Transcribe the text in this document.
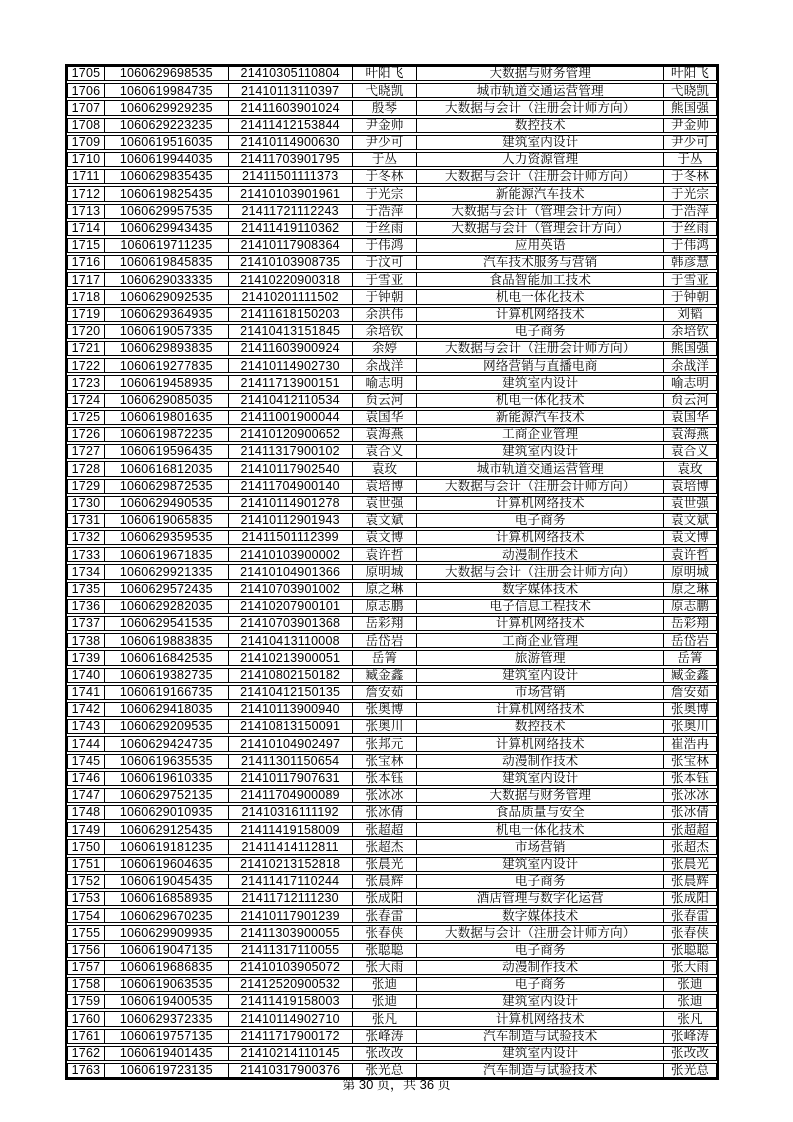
1705	1060629698535	21410305110804	叶阳飞	大数据与财务管理	叶阳飞
1706	1060619984735	21410113110397	弋晓凯	城市轨道交通运营管理	弋晓凯
1707	1060629929235	21411603901024	殷琴	大数据与会计（注册会计师方向）	熊国强
1708	1060629223235	21411412153844	尹金帅	数控技术	尹金帅
1709	1060619516035	21410114900630	尹少可	建筑室内设计	尹少可
1710	1060619944035	21411703901795	于丛	人力资源管理	于丛
1711	1060629835435	21411501111373	于冬林	大数据与会计（注册会计师方向）	于冬林
1712	1060619825435	21410103901961	于光宗	新能源汽车技术	于光宗
1713	1060629957535	21411721112243	于浩萍	大数据与会计（管理会计方向）	于浩萍
1714	1060629943435	21411419110362	于丝雨	大数据与会计（管理会计方向）	于丝雨
1715	1060619711235	21410117908364	于伟鸿	应用英语	于伟鸿
1716	1060619845835	21410103908735	于汶可	汽车技术服务与营销	韩彦慧
1717	1060629033335	21410220900318	于雪亚	食品智能加工技术	于雪亚
1718	1060629092535	21410201111502	于钟朝	机电一体化技术	于钟朝
1719	1060629364935	21411618150203	余洪伟	计算机网络技术	刘韬
1720	1060619057335	21410413151845	余培钦	电子商务	余培钦
1721	1060629893835	21411603900924	余婷	大数据与会计（注册会计师方向）	熊国强
1722	1060619277835	21410114902730	余战洋	网络营销与直播电商	余战洋
1723	1060619458935	21411713900151	喻志明	建筑室内设计	喻志明
1724	1060629085035	21410412110534	贠云河	机电一体化技术	贠云河
1725	1060619801635	21411001900044	袁国华	新能源汽车技术	袁国华
1726	1060619872235	21410120900652	袁海燕	工商企业管理	袁海燕
1727	1060619596435	21411317900102	袁合义	建筑室内设计	袁合义
1728	1060616812035	21410117902540	袁玫	城市轨道交通运营管理	袁玫
1729	1060629872535	21411704900140	袁培博	大数据与会计（注册会计师方向）	袁培博
1730	1060629490535	21410114901278	袁世强	计算机网络技术	袁世强
1731	1060619065835	21410112901943	袁文斌	电子商务	袁文斌
1732	1060629359535	21411501112399	袁文博	计算机网络技术	袁文博
1733	1060619671835	21410103900002	袁许哲	动漫制作技术	袁许哲
1734	1060629921335	21410104901366	原明城	大数据与会计（注册会计师方向）	原明城
1735	1060629572435	21410703901002	原之琳	数字媒体技术	原之琳
1736	1060629282035	21410207900101	原志鹏	电子信息工程技术	原志鹏
1737	1060629541535	21410703901368	岳彩翔	计算机网络技术	岳彩翔
1738	1060619883835	21410413110008	岳岱岩	工商企业管理	岳岱岩
1739	1060616842535	21410213900051	岳箐	旅游管理	岳箐
1740	1060619382735	21410802150182	臧金鑫	建筑室内设计	臧金鑫
1741	1060619166735	21410412150135	詹安茹	市场营销	詹安茹
1742	1060629418035	21410113900940	张奥博	计算机网络技术	张奥博
1743	1060629209535	21410813150091	张奥川	数控技术	张奥川
1744	1060629424735	21410104902497	张邦元	计算机网络技术	崔浩冉
1745	1060619635535	21411301150654	张宝林	动漫制作技术	张宝林
1746	1060619610335	21410117907631	张本钰	建筑室内设计	张本钰
1747	1060629752135	21411704900089	张冰冰	大数据与财务管理	张冰冰
1748	1060629010935	21410316111192	张冰倩	食品质量与安全	张冰倩
1749	1060629125435	21411419158009	张超超	机电一体化技术	张超超
1750	1060619181235	21411414112811	张超杰	市场营销	张超杰
1751	1060619604635	21410213152818	张晨光	建筑室内设计	张晨光
1752	1060619045435	21411417110244	张晨辉	电子商务	张晨辉
1753	1060616858935	21411712111230	张成阳	酒店管理与数字化运营	张成阳
1754	1060629670235	21410117901239	张春雷	数字媒体技术	张春雷
1755	1060629909935	21411303900055	张春侠	大数据与会计（注册会计师方向）	张春侠
1756	1060619047135	21411317110055	张聪聪	电子商务	张聪聪
1757	1060619686835	21410103905072	张大雨	动漫制作技术	张大雨
1758	1060619063535	21412520900532	张迪	电子商务	张迪
1759	1060619400535	21411419158003	张迪	建筑室内设计	张迪
1760	1060629372335	21410114902710	张凡	计算机网络技术	张凡
1761	1060619757135	21411717900172	张峰涛	汽车制造与试验技术	张峰涛
1762	1060619401435	21410214110145	张改改	建筑室内设计	张改改
1763	1060619723135	21410317900376	张光总	汽车制造与试验技术	张光总
第 30 页，共 36 页
